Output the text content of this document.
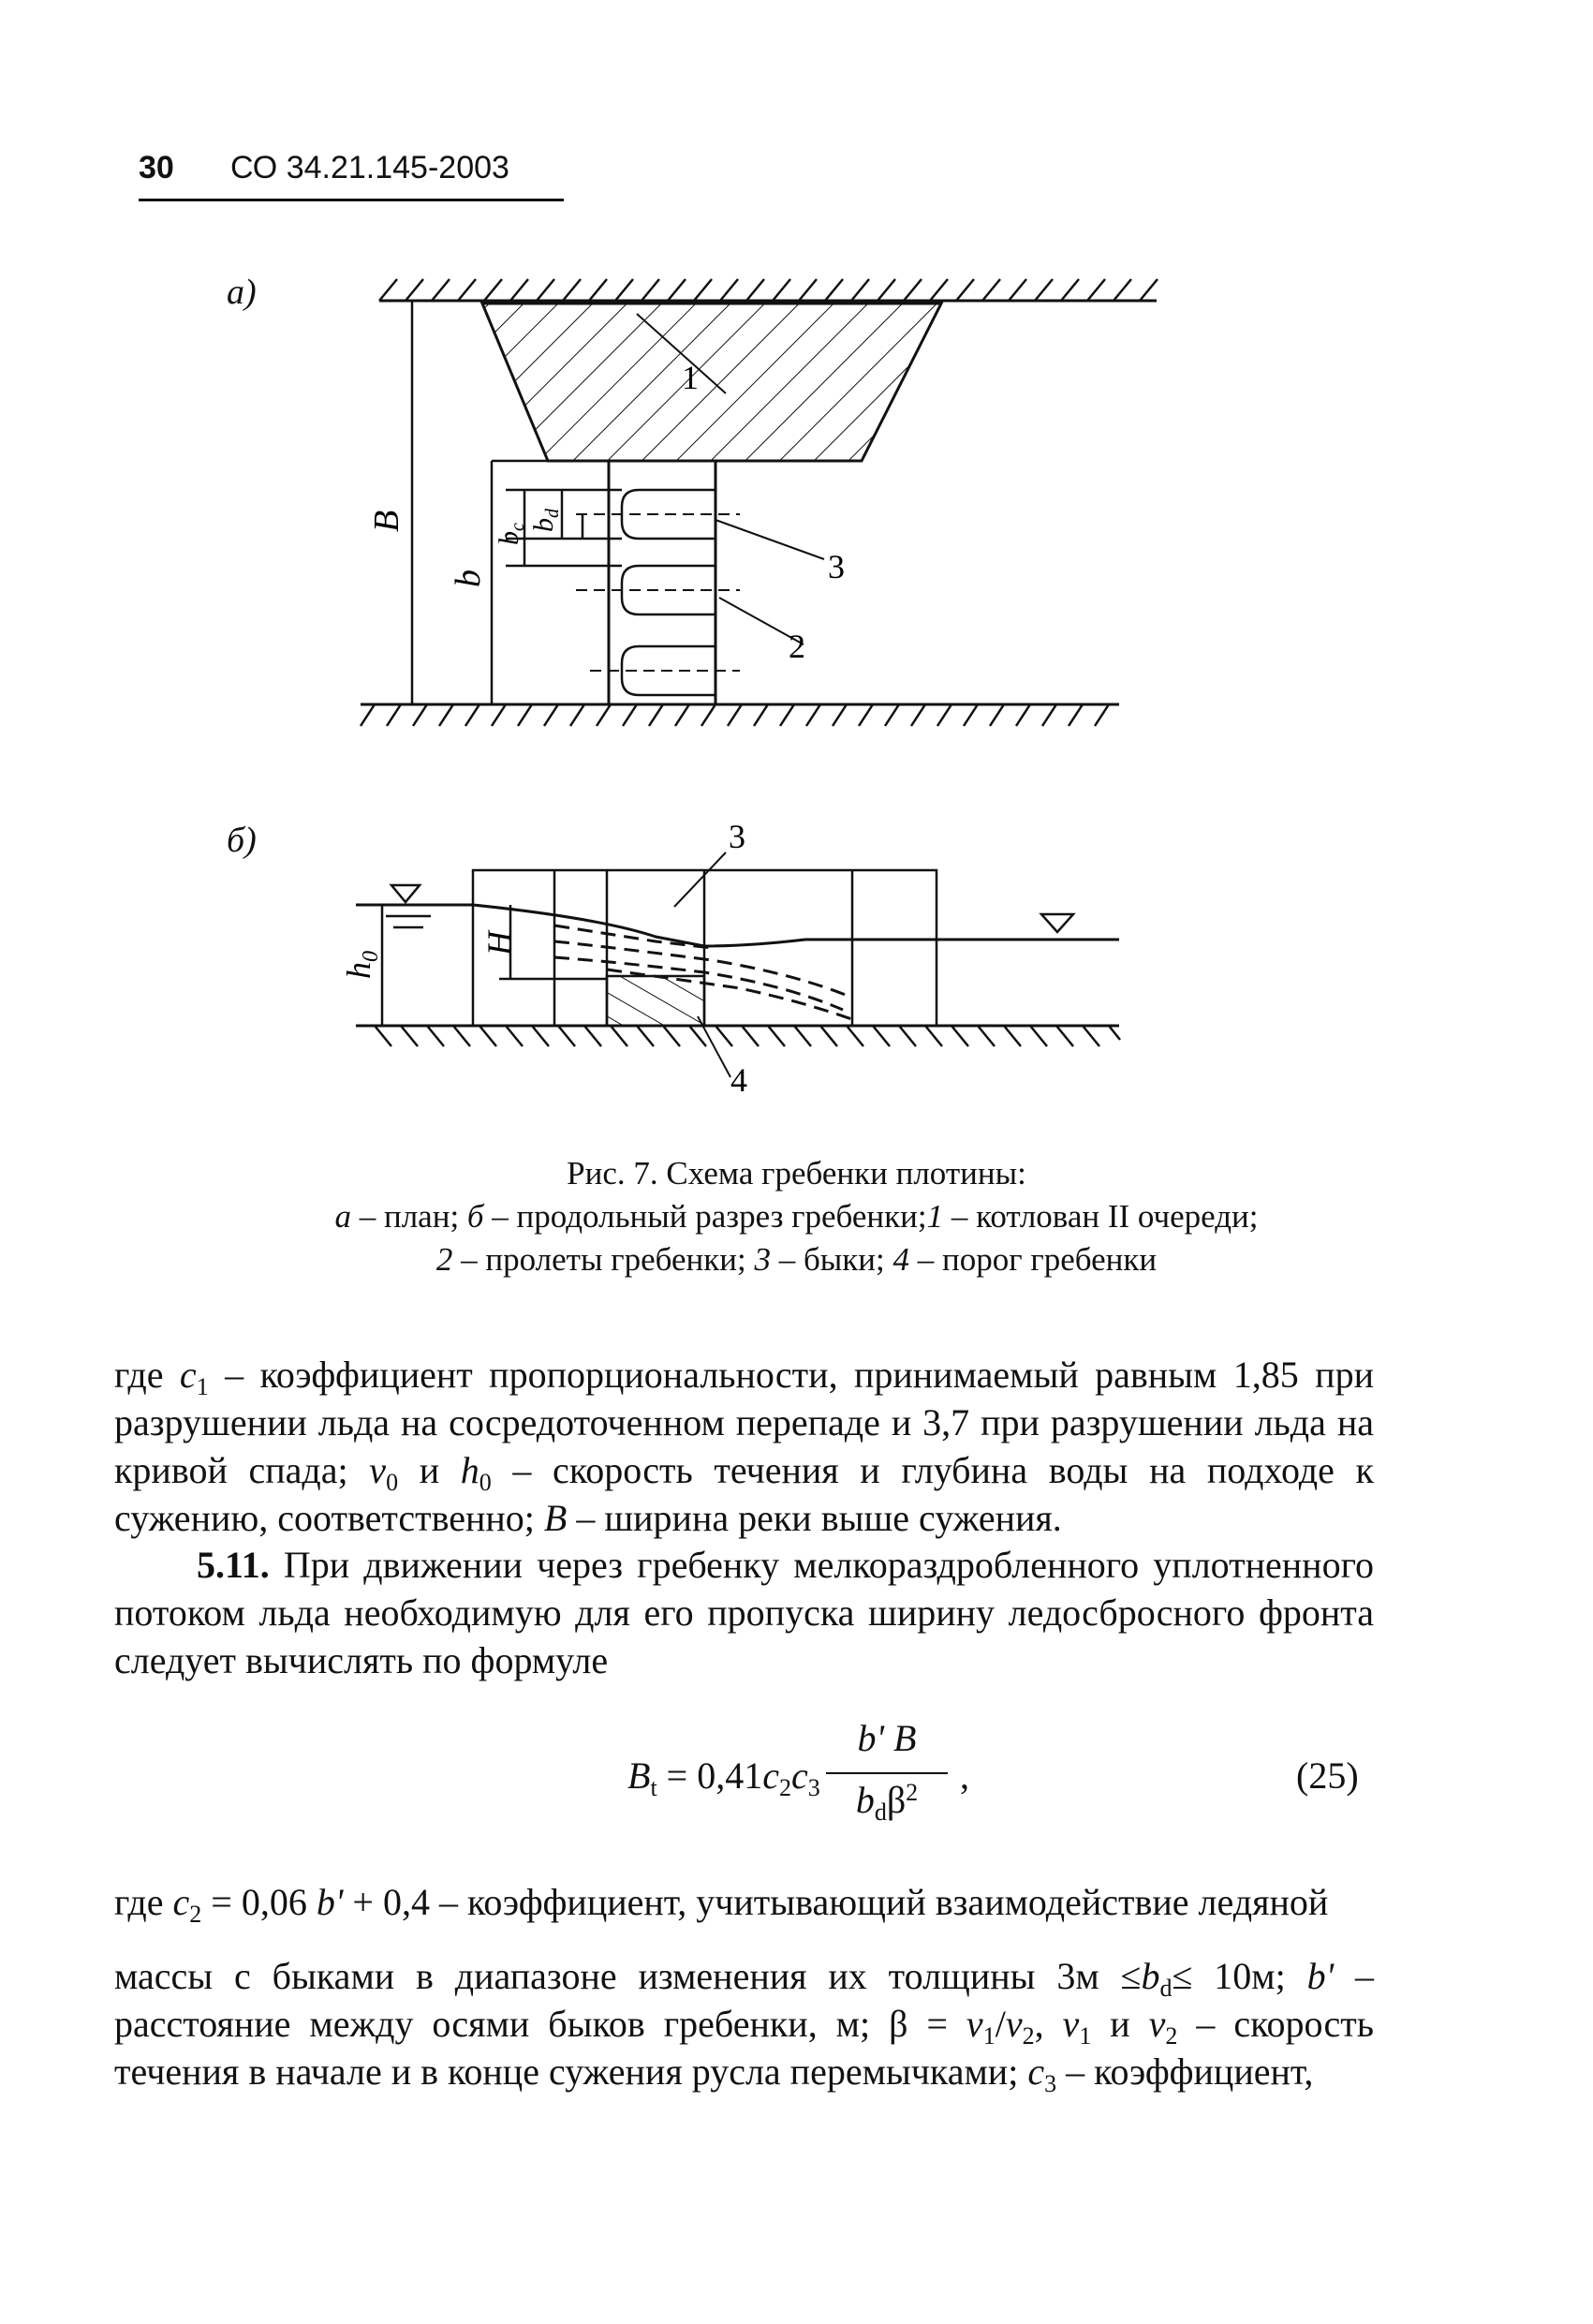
30 СО 34.21.145-2003
а)
б)
1
3
2
B
b
$b_c$ $b_d$
3
4
H
$h_0$
Рис. 7. Схема гребенки плотины:
а – план; б – продольный разрез гребенки;1 – котлован II очереди;
2 – пролеты гребенки; 3 – быки; 4 – порог гребенки
где $c_1$ – коэффициент пропорциональности, принимаемый равным 1,85 при разрушении льда на сосредоточенном перепаде и 3,7 при разрушении льда на кривой спада; $v_0$ и $h_0$ – скорость течения и глубина воды на подходе к сужению, соответственно; B – ширина реки выше сужения.
5.11. При движении через гребенку мелкораздробленного уплотненного потоком льда необходимую для его пропуска ширину ледосбросного фронта следует вычислять по формуле
$B_t = 0,41c_2c_3$
b' B
$b_d\beta^2$	,	(25)
где $c_2 = 0,06$ b' + 0,4 – коэффициент, учитывающий взаимодействие ледяной
массы с быками в диапазоне изменения их толщины $3м \le b_d\le 10м$; b' – расстояние между осями быков гребенки, м; $\beta = v_1/v_2$, $v_1$ и $v_2$ – скорость течения в начале и в конце сужения русла перемычками; $c_3$ – коэффициент,
